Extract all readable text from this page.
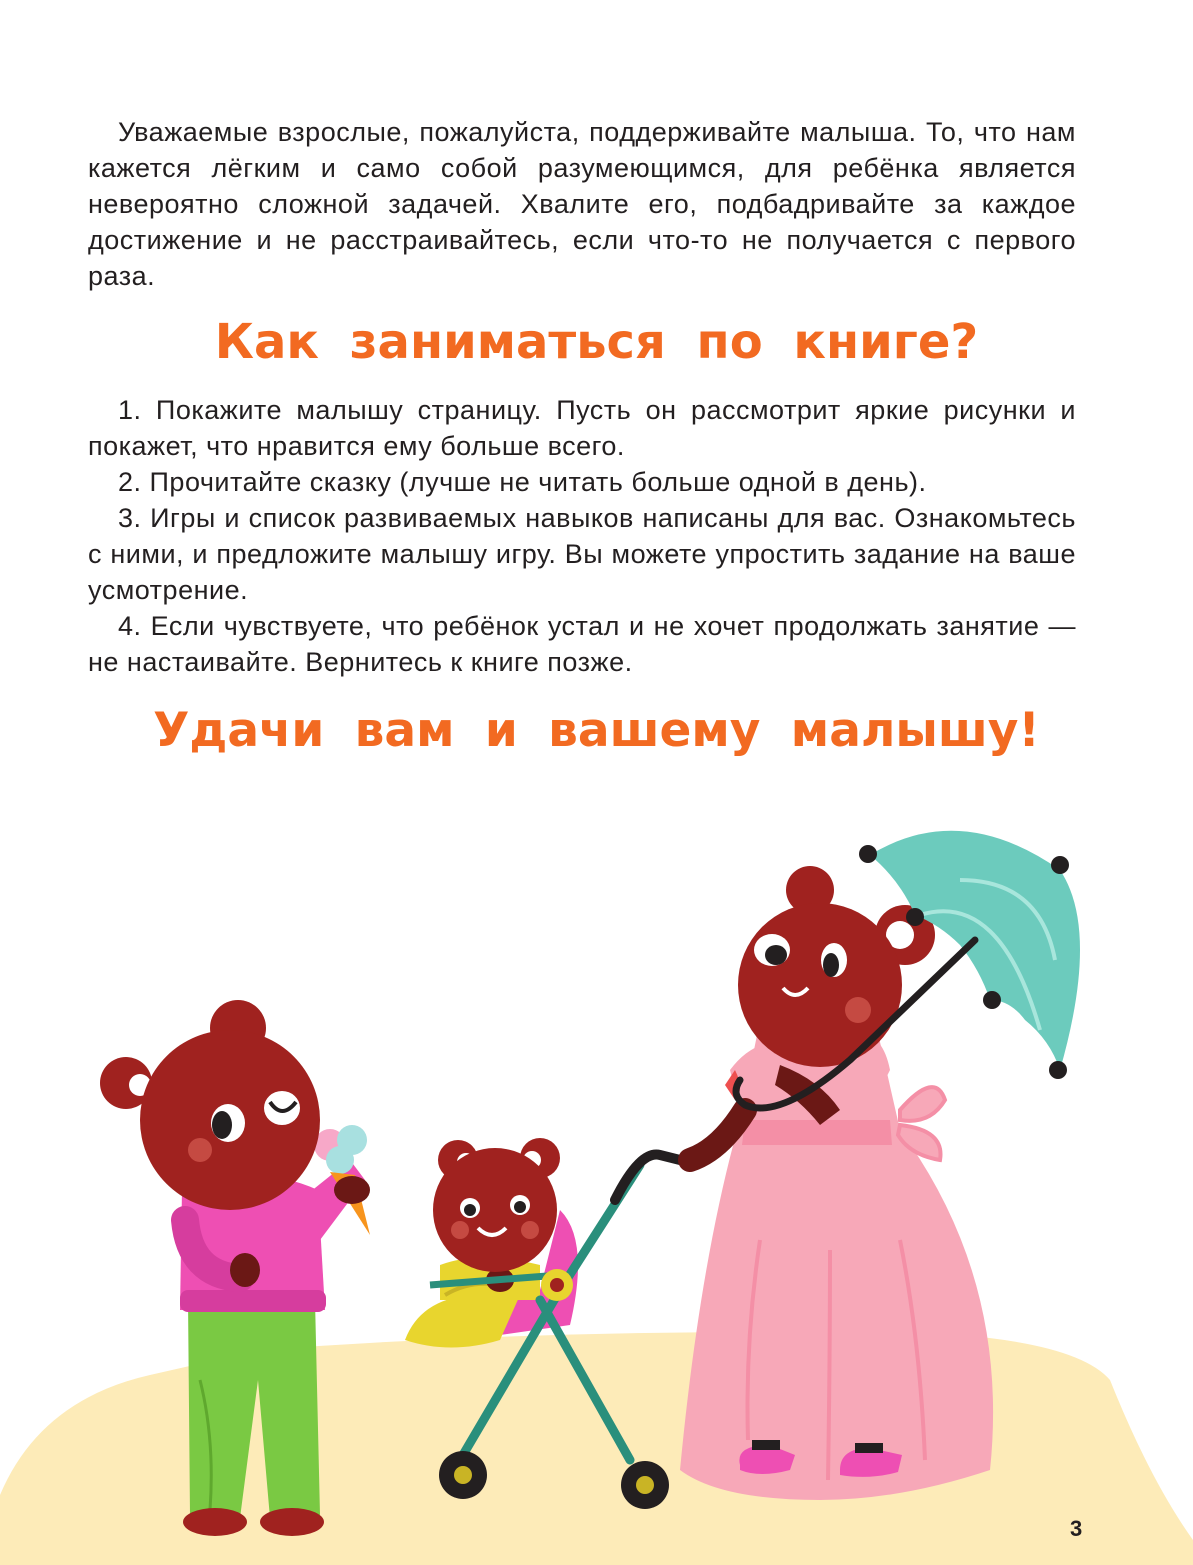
Уважаемые взрослые, пожалуйста, поддерживайте малыша. То, что нам кажется лёгким и само собой разумеющимся, для ребёнка является невероятно сложной задачей. Хвалите его, подбадривайте за каждое достижение и не расстраивайтесь, если что-то не получается с первого раза.

Как заниматься по книге?
1. Покажите малышу страницу. Пусть он рассмотрит яркие рисунки и покажет, что нравится ему больше всего.
2. Прочитайте сказку (лучше не читать больше одной в день).
3. Игры и список развиваемых навыков написаны для вас. Ознакомьтесь с ними, и предложите малышу игру. Вы можете упростить задание на ваше усмотрение.
4. Если чувствуете, что ребёнок устал и не хочет продолжать занятие — не настаивайте. Вернитесь к книге позже.
Удачи вам и вашему малышу!
3
